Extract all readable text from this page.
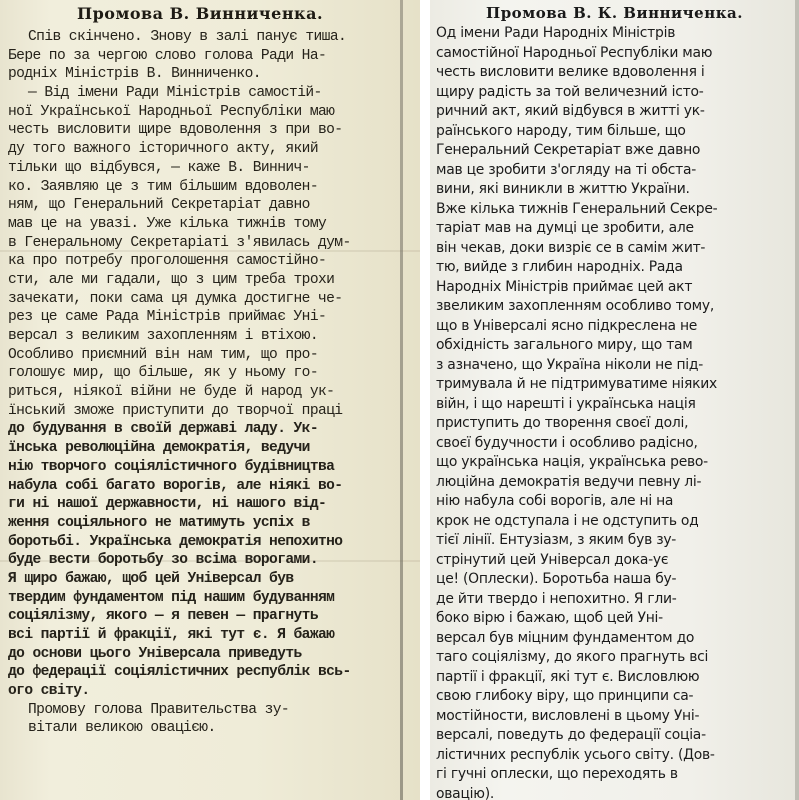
Промова В. Винниченка.
Спів скінчено. Знову в залі панує тиша.
Бере по за чергою слово голова Ради На-
родніх Міністрів В. Винниченко.
— Від імени Ради Міністрів самостій-
ної Української Народньої Республіки маю
честь висловити щире вдоволення з при во-
ду того важного історичного акту, який
тільки що відбувся, — каже В. Виннич-
ко. Заявляю це з тим більшим вдоволен-
ням, що Генеральний Секретаріат давно
мав це на увазі. Уже кілька тижнів тому
в Генеральному Секретаріаті з'явилась дум-
ка про потребу проголошення самостійно-
сти, але ми гадали, що з цим треба трохи
зачекати, поки сама ця думка достигне че-
рез це саме Рада Міністрів приймає Уні-
версал з великим захопленням і втіхою.
Особливо приємний він нам тим, що про-
голошує мир, що більше, як у ньому го-
риться, ніякої війни не буде й народ ук-
їнський зможе приступити до творчої праці
до будування в своїй державі ладу. Ук-
їнська революційна демократія, ведучи
нію творчого соціялістичного будівництва
набула собі багато ворогів, але ніякі во-
ги ні нашої державности, ні нашого від-
ження соціяльного не матимуть успіх в
боротьбі. Українська демократія непохитно
буде вести боротьбу зо всіма ворогами.
Я щиро бажаю, щоб цей Універсал був
твердим фундаментом під нашим будуванням
соціялізму, якого — я певен — прагнуть
всі партії й фракції, які тут є. Я бажаю
до основи цього Універсала приведуть
до федерації соціялістичних республік всь-
ого світу.
Промову голова Правительства зу-
вітали великою овацією.
Промова В. К. Винниченка.
Од імени Ради Народніх Міністрів
самостійної Народньої Республіки маю
честь висловити велике вдоволення і
щиру радість за той величезний істо-
ричний акт, який відбувся в житті ук-
раїнського народу, тим більше, що
Генеральний Секретаріат вже давно
мав це зробити з'огляду на ті обста-
вини, які виникли в життю України.
Вже кілька тижнів Генеральний Секре-
таріат мав на думці це зробити, але
він чекав, доки визріє се в самім жит-
тю, вийде з глибин народніх. Рада
Народніх Міністрів приймає цей акт
звеликим захопленням особливо тому,
що в Універсалі ясно підкреслена не
обхідність загального миру, що там
з азначено, що Україна ніколи не під-
тримувала й не підтримуватиме ніяких
війн, і що нарешті і українська нація
приступить до творення своєї долі,
своєї будучности і особливо радісно,
що українська нація, українська рево-
люційна демократія ведучи певну лі-
нію набула собі ворогів, але ні на
крок не одступала і не одступить од
тієї лінії. Ентузіазм, з яким був зу-
стрінутий цей Універсал дока-ує
це! (Оплески). Боротьба наша бу-
де йти твердо і непохитно. Я гли-
боко вірю і бажаю, щоб цей Уні-
версал був міцним фундаментом до
таго соціялізму, до якого прагнуть всі
партії і фракції, які тут є. Висловлюю
свою глибоку віру, що принципи са-
мостійности, висловлені в цьому Уні-
версалі, поведуть до федерації соціа-
лістичних республік усього світу. (Дов-
гі гучні оплески, що переходять в
овацію).
